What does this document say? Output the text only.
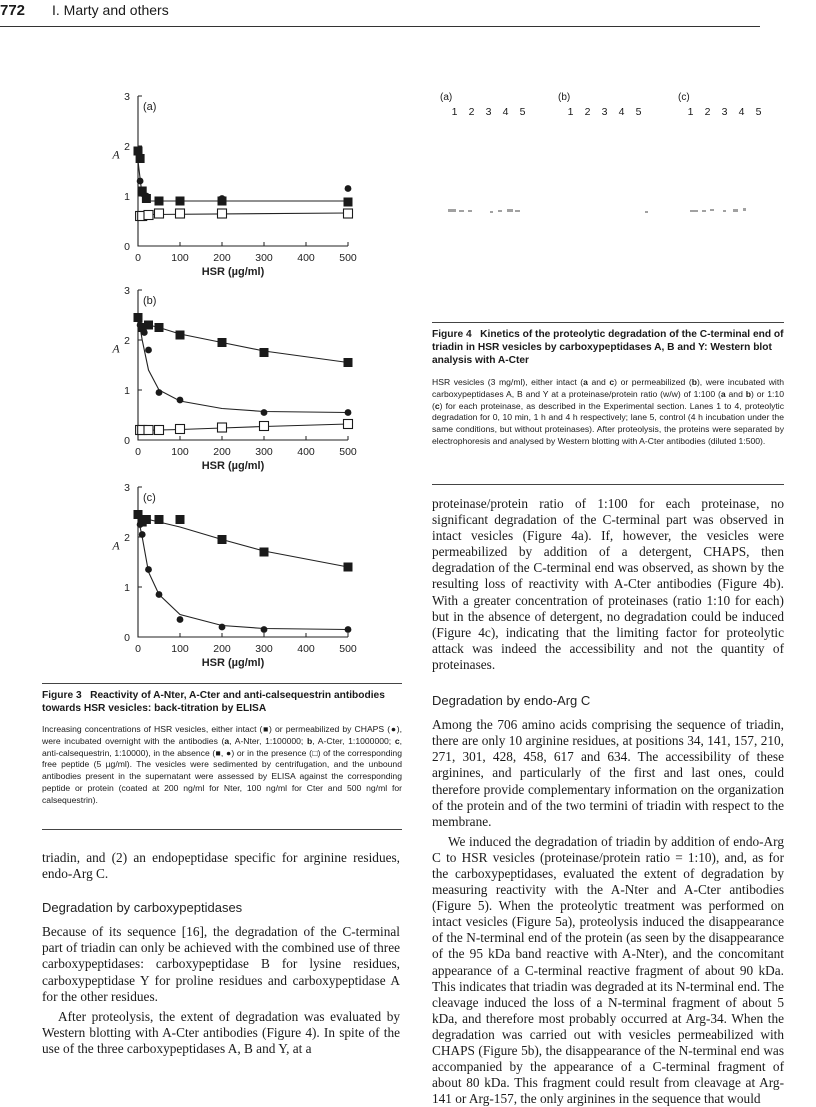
772 I. Marty and others
0
1
2
3
0	100 200 300 400 500
HSR (µg/ml)
A
(a)
0
1
2
3
0	100 200 300 400 500
HSR (µg/ml)
A
(b)
0
1
2
3
0	100 200 300 400 500
HSR (µg/ml)
A
(c)
Figure 3 Reactivity of A-Nter, A-Cter and anti-calsequestrin antibodies towards HSR vesicles: back-titration by ELISA
Increasing concentrations of HSR vesicles, either intact (■) or permeabilized by CHAPS (●), were incubated overnight with the antibodies (a, A-Nter, 1:100000; b, A-Cter, 1:1000000; c, anti-calsequestrin, 1:10000), in the absence (■, ●) or in the presence (□) of the corresponding free peptide (5 µg/ml). The vesicles were sedimented by centrifugation, and the unbound antibodies present in the supernatant were assessed by ELISA against the corresponding peptide or protein (coated at 200 ng/ml for Nter, 100 ng/ml for Cter and 500 ng/ml for calsequestrin).

triadin, and (2) an endopeptidase specific for arginine residues, endo-Arg C.

Degradation by carboxypeptidases

Because of its sequence [16], the degradation of the C-terminal part of triadin can only be achieved with the combined use of three carboxypeptidases: carboxypeptidase B for lysine residues, carboxypeptidase Y for proline residues and carboxypeptidase A for the other residues.

After proteolysis, the extent of degradation was evaluated by Western blotting with A-Cter antibodies (Figure 4). In spite of the use of the three carboxypeptidases A, B and Y, at a

(a)	(b)	(c)
1 2 3 4 5	1 2 3 4 5	1 2 3 4 5
Figure 4 Kinetics of the proteolytic degradation of the C-terminal end of triadin in HSR vesicles by carboxypeptidases A, B and Y: Western blot analysis with A-Cter
HSR vesicles (3 mg/ml), either intact (a and c) or permeabilized (b), were incubated with carboxypeptidases A, B and Y at a proteinase/protein ratio (w/w) of 1:100 (a and b) or 1:10 (c) for each proteinase, as described in the Experimental section. Lanes 1 to 4, proteolytic degradation for 0, 10 min, 1 h and 4 h respectively; lane 5, control (4 h incubation under the same conditions, but without proteinases). After proteolysis, the proteins were separated by electrophoresis and analysed by Western blotting with A-Cter antibodies (diluted 1:500).

proteinase/protein ratio of 1:100 for each proteinase, no significant degradation of the C-terminal part was observed in intact vesicles (Figure 4a). If, however, the vesicles were permeabilized by addition of a detergent, CHAPS, then degradation of the C-terminal end was observed, as shown by the resulting loss of reactivity with A-Cter antibodies (Figure 4b). With a greater concentration of proteinases (ratio 1:10 for each) but in the absence of detergent, no degradation could be induced (Figure 4c), indicating that the limiting factor for proteolytic attack was indeed the accessibility and not the quantity of proteinases.

Degradation by endo-Arg C

Among the 706 amino acids comprising the sequence of triadin, there are only 10 arginine residues, at positions 34, 141, 157, 210, 271, 301, 428, 458, 617 and 634. The accessibility of these arginines, and particularly of the first and last ones, could therefore provide complementary information on the organization of the protein and of the two termini of triadin with respect to the membrane.

We induced the degradation of triadin by addition of endo-Arg C to HSR vesicles (proteinase/protein ratio = 1:10), and, as for the carboxypeptidases, evaluated the extent of degradation by measuring reactivity with the A-Nter and A-Cter antibodies (Figure 5). When the proteolytic treatment was performed on intact vesicles (Figure 5a), proteolysis induced the disappearance of the N-terminal end of the protein (as seen by the disappearance of the 95 kDa band reactive with A-Nter), and the concomitant appearance of a C-terminal reactive fragment of about 90 kDa. This indicates that triadin was degraded at its N-terminal end. The cleavage induced the loss of a N-terminal fragment of about 5 kDa, and therefore most probably occurred at Arg-34. When the degradation was carried out with vesicles permeabilized with CHAPS (Figure 5b), the disappearance of the N-terminal end was accompanied by the appearance of a C-terminal fragment of about 80 kDa. This fragment could result from cleavage at Arg-141 or Arg-157, the only arginines in the sequence that would
